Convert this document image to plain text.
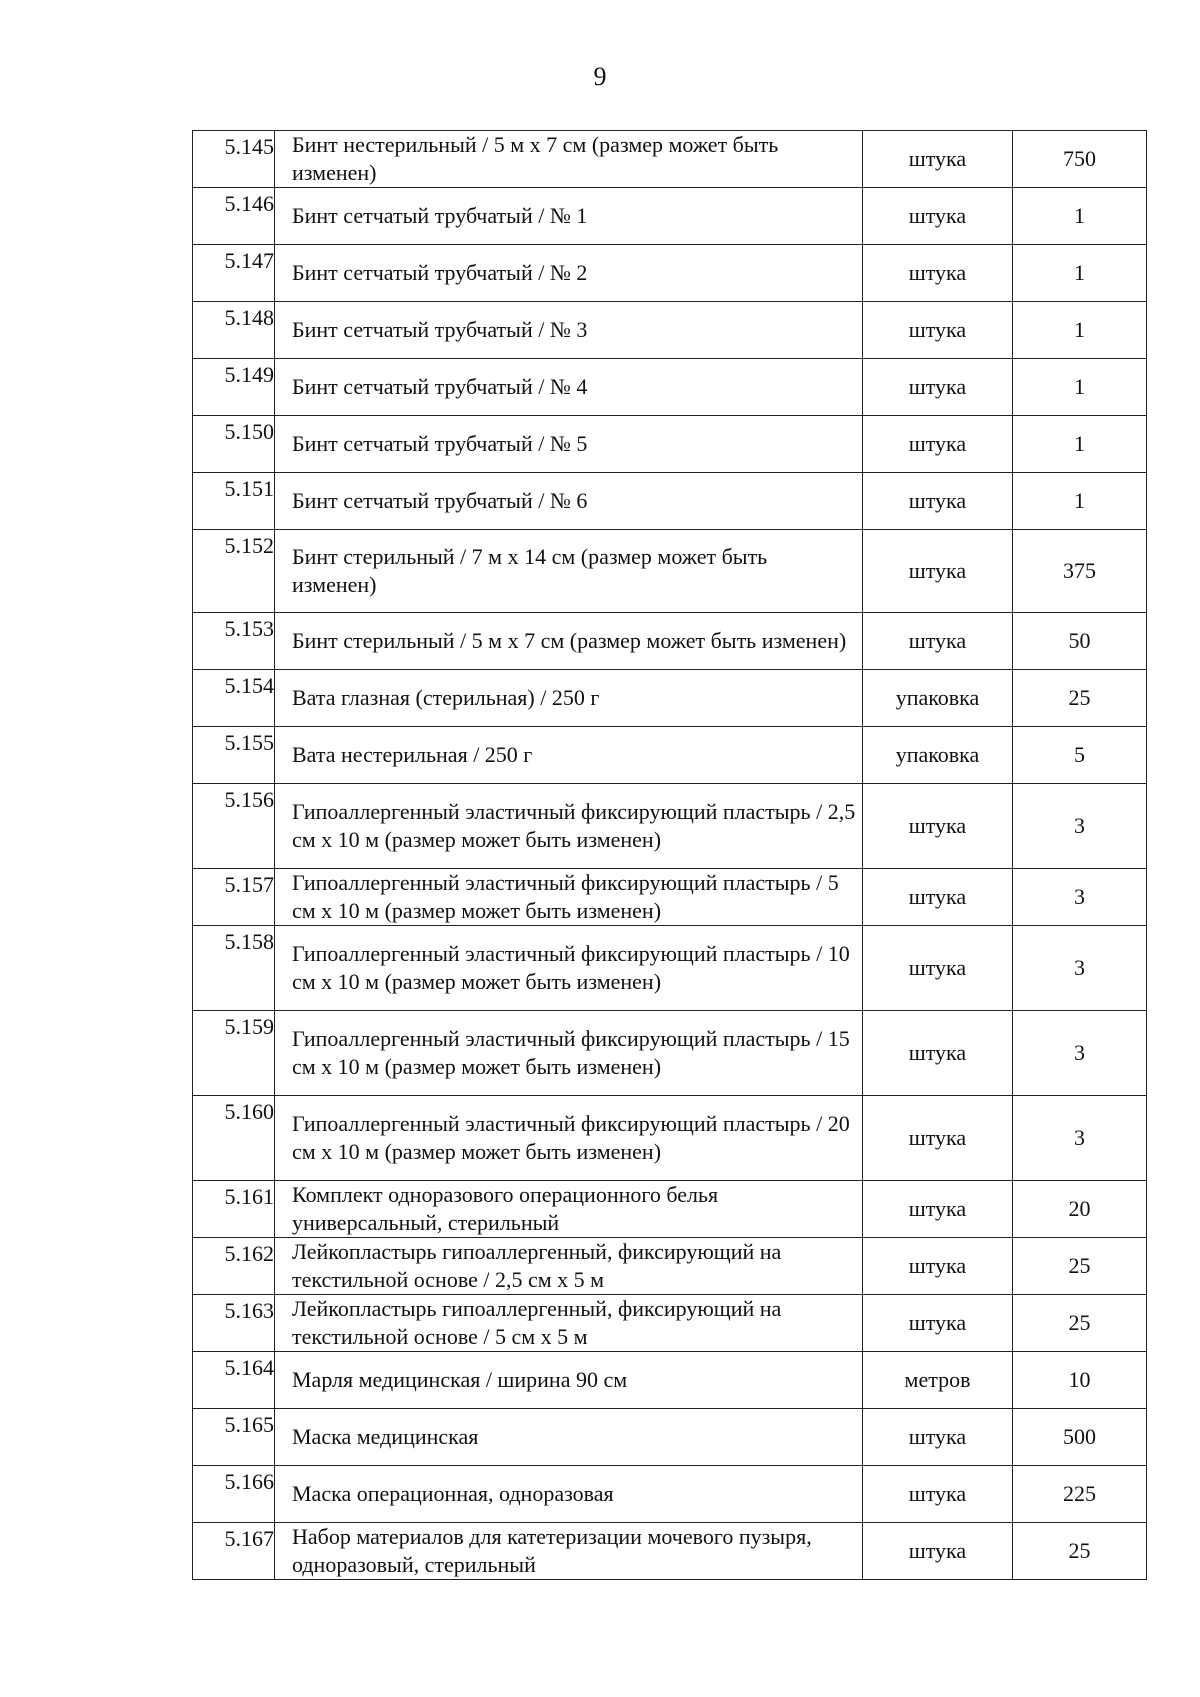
9
5.145	Бинт нестерильный / 5 м х 7 см (размер может быть изменен)	штука	750

5.146	Бинт сетчатый трубчатый / № 1	штука	1

5.147	Бинт сетчатый трубчатый / № 2	штука	1

5.148	Бинт сетчатый трубчатый / № 3	штука	1

5.149	Бинт сетчатый трубчатый / № 4	штука	1

5.150	Бинт сетчатый трубчатый / № 5	штука	1

5.151	Бинт сетчатый трубчатый / № 6	штука	1

5.152	Бинт стерильный / 7 м х 14 см (размер может быть изменен)	штука	375

5.153	Бинт стерильный / 5 м х 7 см (размер может быть изменен)	штука	50

5.154	Вата глазная (стерильная) / 250 г	упаковка	25

5.155	Вата нестерильная / 250 г	упаковка	5

5.156	Гипоаллергенный эластичный фиксирующий пластырь / 2,5 см х 10 м (размер может быть изменен)	штука	3

5.157	Гипоаллергенный эластичный фиксирующий пластырь / 5 см х 10 м (размер может быть изменен)	штука	3

5.158	Гипоаллергенный эластичный фиксирующий пластырь / 10 см х 10 м (размер может быть изменен)	штука	3

5.159	Гипоаллергенный эластичный фиксирующий пластырь / 15 см х 10 м (размер может быть изменен)	штука	3

5.160	Гипоаллергенный эластичный фиксирующий пластырь / 20 см х 10 м (размер может быть изменен)	штука	3

5.161	Комплект одноразового операционного белья универсальный, стерильный	штука	20

5.162	Лейкопластырь гипоаллергенный, фиксирующий на текстильной основе / 2,5 см х 5 м	штука	25

5.163	Лейкопластырь гипоаллергенный, фиксирующий на текстильной основе / 5 см х 5 м	штука	25

5.164	Марля медицинская / ширина 90 см	метров	10

5.165	Маска медицинская	штука	500

5.166	Маска операционная, одноразовая	штука	225

5.167	Набор материалов для катетеризации мочевого пузыря, одноразовый, стерильный	штука	25
